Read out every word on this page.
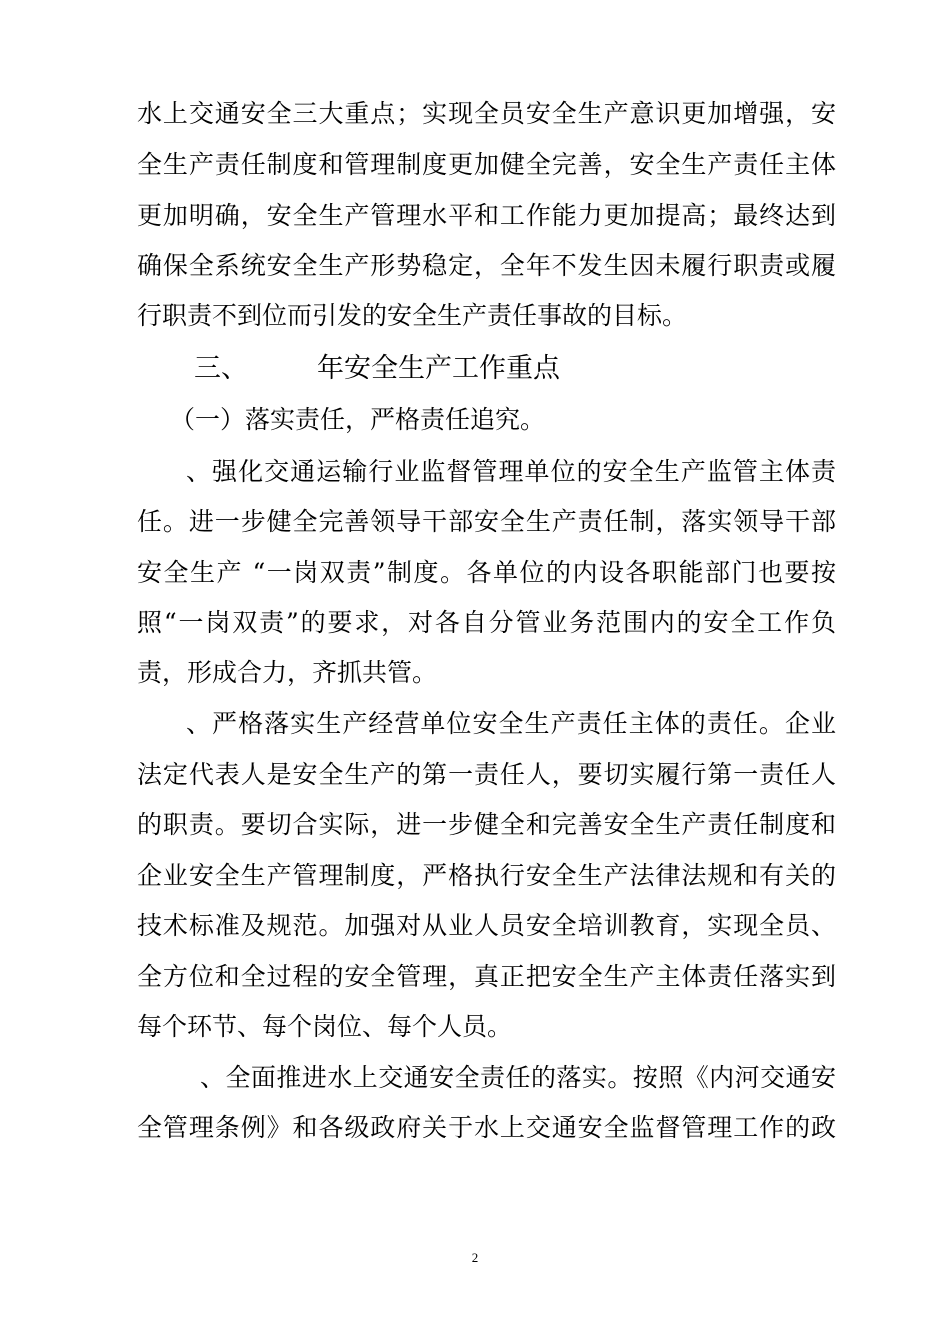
水上交通安全三大重点；实现全员安全生产意识更加增强，安
全生产责任制度和管理制度更加健全完善，安全生产责任主体
更加明确，安全生产管理水平和工作能力更加提高；最终达到
确保全系统安全生产形势稳定，全年不发生因未履行职责或履
行职责不到位而引发的安全生产责任事故的目标。
三、	年安全生产工作重点
（一）落实责任，严格责任追究。
、强化交通运输行业监督管理单位的安全生产监管主体责
任。进一步健全完善领导干部安全生产责任制，落实领导干部
安全生产 “一岗双责”制度。各单位的内设各职能部门也要按
照“一岗双责”的要求，对各自分管业务范围内的安全工作负
责，形成合力，齐抓共管。
、严格落实生产经营单位安全生产责任主体的责任。企业
法定代表人是安全生产的第一责任人，要切实履行第一责任人
的职责。要切合实际，进一步健全和完善安全生产责任制度和
企业安全生产管理制度，严格执行安全生产法律法规和有关的
技术标准及规范。加强对从业人员安全培训教育，实现全员、
全方位和全过程的安全管理，真正把安全生产主体责任落实到
每个环节、每个岗位、每个人员。
、全面推进水上交通安全责任的落实。按照《内河交通安
全管理条例》和各级政府关于水上交通安全监督管理工作的政
2
